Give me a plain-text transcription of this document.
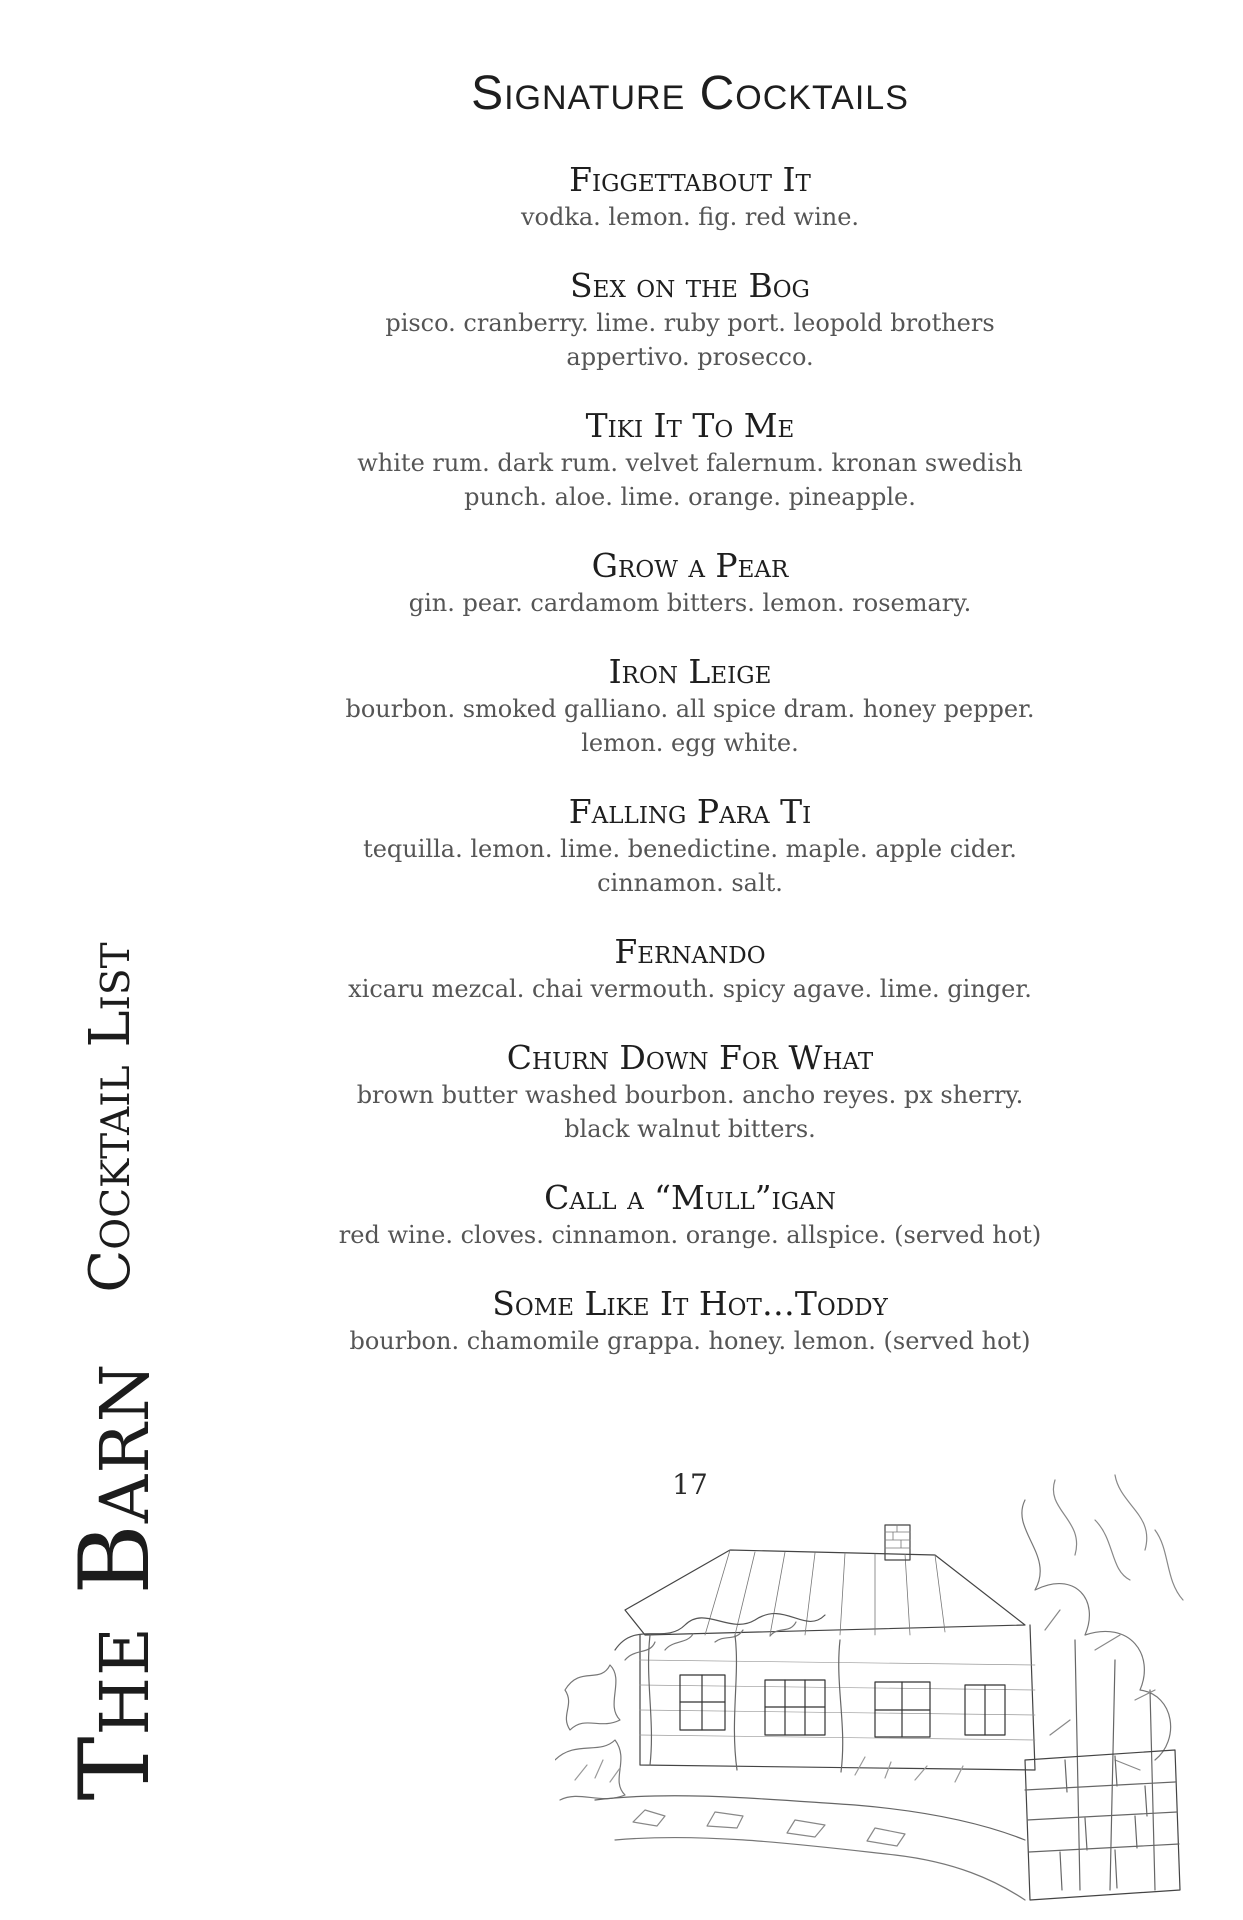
The Barn
Cocktail List
Signature Cocktails
Figgettabout It
vodka. lemon. fig. red wine.
Sex on the Bog
pisco. cranberry. lime. ruby port. leopold brothers
appertivo. prosecco.
Tiki It To Me
white rum. dark rum. velvet falernum. kronan swedish
punch. aloe. lime. orange. pineapple.
Grow a Pear
gin. pear. cardamom bitters. lemon. rosemary.
Iron Leige
bourbon. smoked galliano. all spice dram. honey pepper.
lemon. egg white.
Falling Para Ti
tequilla. lemon. lime. benedictine. maple. apple cider.
cinnamon. salt.
Fernando
xicaru mezcal. chai vermouth. spicy agave. lime. ginger.
Churn Down For What
brown butter washed bourbon. ancho reyes. px sherry.
black walnut bitters.
Call a “Mull”igan
red wine. cloves. cinnamon. orange. allspice. (served hot)
Some Like It Hot…Toddy
bourbon. chamomile grappa. honey. lemon. (served hot)
17
